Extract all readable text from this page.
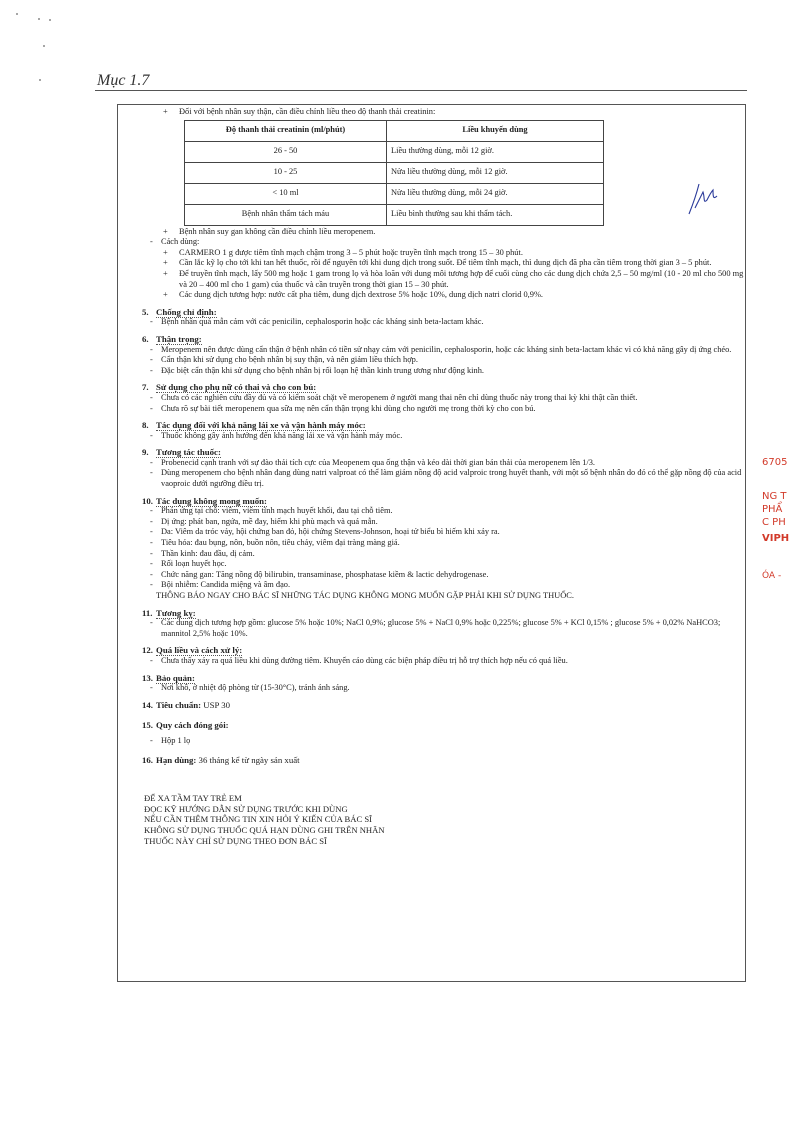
Mục 1.7
6705
NG T
PHẨ
C PH
VIPH
ÓA -
+ Đối với bệnh nhân suy thận, cần điều chỉnh liều theo độ thanh thải creatinin:
Độ thanh thải creatinin (ml/phút)	Liều khuyến dùng
26 - 50	Liều thường dùng, mỗi 12 giờ.
10 - 25	Nửa liều thường dùng, mỗi 12 giờ.
< 10 ml	Nửa liều thường dùng, mỗi 24 giờ.
Bệnh nhân thẩm tách máu	Liều bình thường sau khi thẩm tách.
+ Bệnh nhân suy gan không cần điều chỉnh liều meropenem.
- Cách dùng:
+ CARMERO 1 g được tiêm tĩnh mạch chậm trong 3 – 5 phút hoặc truyền tĩnh mạch trong 15 – 30 phút.
+ Cần lắc kỹ lọ cho tới khi tan hết thuốc, rồi để nguyên tới khi dung dịch trong suốt. Để tiêm tĩnh mạch, thì dung dịch đã pha cần tiêm trong thời gian 3 – 5 phút.
+ Để truyền tĩnh mạch, lấy 500 mg hoặc 1 gam trong lọ và hòa loãn với dung môi tương hợp để cuối cùng cho các dung dịch chứa 2,5 – 50 mg/ml (10 - 20 ml cho 500 mg và 20 – 400 ml cho 1 gam) của thuốc và cần truyền trong thời gian 15 – 30 phút.
+ Các dung dịch tương hợp: nước cất pha tiêm, dung dịch dextrose 5% hoặc 10%, dung dịch natri clorid 0,9%.
5. Chống chỉ định:
- Bệnh nhân quá mẫn cảm với các penicilin, cephalosporin hoặc các kháng sinh beta-lactam khác.
6. Thận trọng:
- Meropenem nên được dùng cẩn thận ở bệnh nhân có tiền sử nhạy cảm với penicilin, cephalosporin, hoặc các kháng sinh beta-lactam khác vì có khả năng gây dị ứng chéo.
- Cẩn thận khi sử dụng cho bệnh nhân bị suy thận, và nên giảm liều thích hợp.
- Đặc biệt cẩn thận khi sử dụng cho bệnh nhân bị rối loạn hệ thần kinh trung ương như động kinh.
7. Sử dụng cho phụ nữ có thai và cho con bú:
- Chưa có các nghiên cứu đầy đủ và có kiểm soát chặt về meropenem ở người mang thai nên chỉ dùng thuốc này trong thai kỳ khi thật cần thiết.
- Chưa rõ sự bài tiết meropenem qua sữa mẹ nên cẩn thận trọng khi dùng cho người mẹ trong thời kỳ cho con bú.
8. Tác dụng đối với khả năng lái xe và vận hành máy móc:
- Thuốc không gây ảnh hưởng đến khả năng lái xe và vận hành máy móc.
9. Tương tác thuốc:
- Probenecid cạnh tranh với sự đào thải tích cực của Meopenem qua ống thận và kéo dài thời gian bán thải của meropenem lên 1/3.
- Dùng meropenem cho bệnh nhân đang dùng natri valproat có thể làm giảm nồng độ acid valproic trong huyết thanh, với một số bệnh nhân do đó có thể gặp nồng độ của acid vaoproic dưới ngưỡng điều trị.
10. Tác dụng không mong muốn:
- Phản ứng tại chỗ: viêm, viêm tĩnh mạch huyết khối, đau tại chỗ tiêm.
- Dị ứng: phát ban, ngứa, mề đay, hiếm khi phù mạch và quá mẫn.
- Da: Viêm da tróc vảy, hội chứng ban đỏ, hội chứng Stevens-Johnson, hoại tử biểu bì hiếm khi xảy ra.
- Tiêu hóa: đau bụng, nôn, buồn nôn, tiêu chảy, viêm đại tràng màng giả.
- Thần kinh: đau đầu, dị cảm.
- Rối loạn huyết học.
- Chức năng gan: Tăng nồng độ bilirubin, transaminase, phosphatase kiềm & lactic dehydrogenase.
- Bội nhiễm: Candida miệng và âm đạo.
THÔNG BÁO NGAY CHO BÁC SĨ NHỮNG TÁC DỤNG KHÔNG MONG MUỐN GẶP PHẢI KHI SỬ DỤNG THUỐC.
11. Tương kỵ:
- Các dung dịch tương hợp gồm: glucose 5% hoặc 10%; NaCl 0,9%; glucose 5% + NaCl 0,9% hoặc 0,225%; glucose 5% + KCl 0,15% ; glucose 5% + 0,02% NaHCO3; mannitol 2,5% hoặc 10%.
12. Quá liều và cách xử lý:
- Chưa thấy xảy ra quá liều khi dùng đường tiêm. Khuyến cáo dùng các biện pháp điều trị hỗ trợ thích hợp nếu có quá liều.
13. Bảo quản:
- Nơi khô, ở nhiệt độ phòng từ (15-30°C), tránh ánh sáng.
14. Tiêu chuẩn: USP 30
15. Quy cách đóng gói:
- Hộp 1 lọ
16. Hạn dùng: 36 tháng kể từ ngày sản xuất
ĐỂ XA TẦM TAY TRẺ EM
ĐỌC KỸ HƯỚNG DẪN SỬ DỤNG TRƯỚC KHI DÙNG
NẾU CẦN THÊM THÔNG TIN XIN HỎI Ý KIẾN CỦA BÁC SĨ
KHÔNG SỬ DỤNG THUỐC QUÁ HẠN DÙNG GHI TRÊN NHÃN
THUỐC NÀY CHỈ SỬ DỤNG THEO ĐƠN BÁC SĨ
